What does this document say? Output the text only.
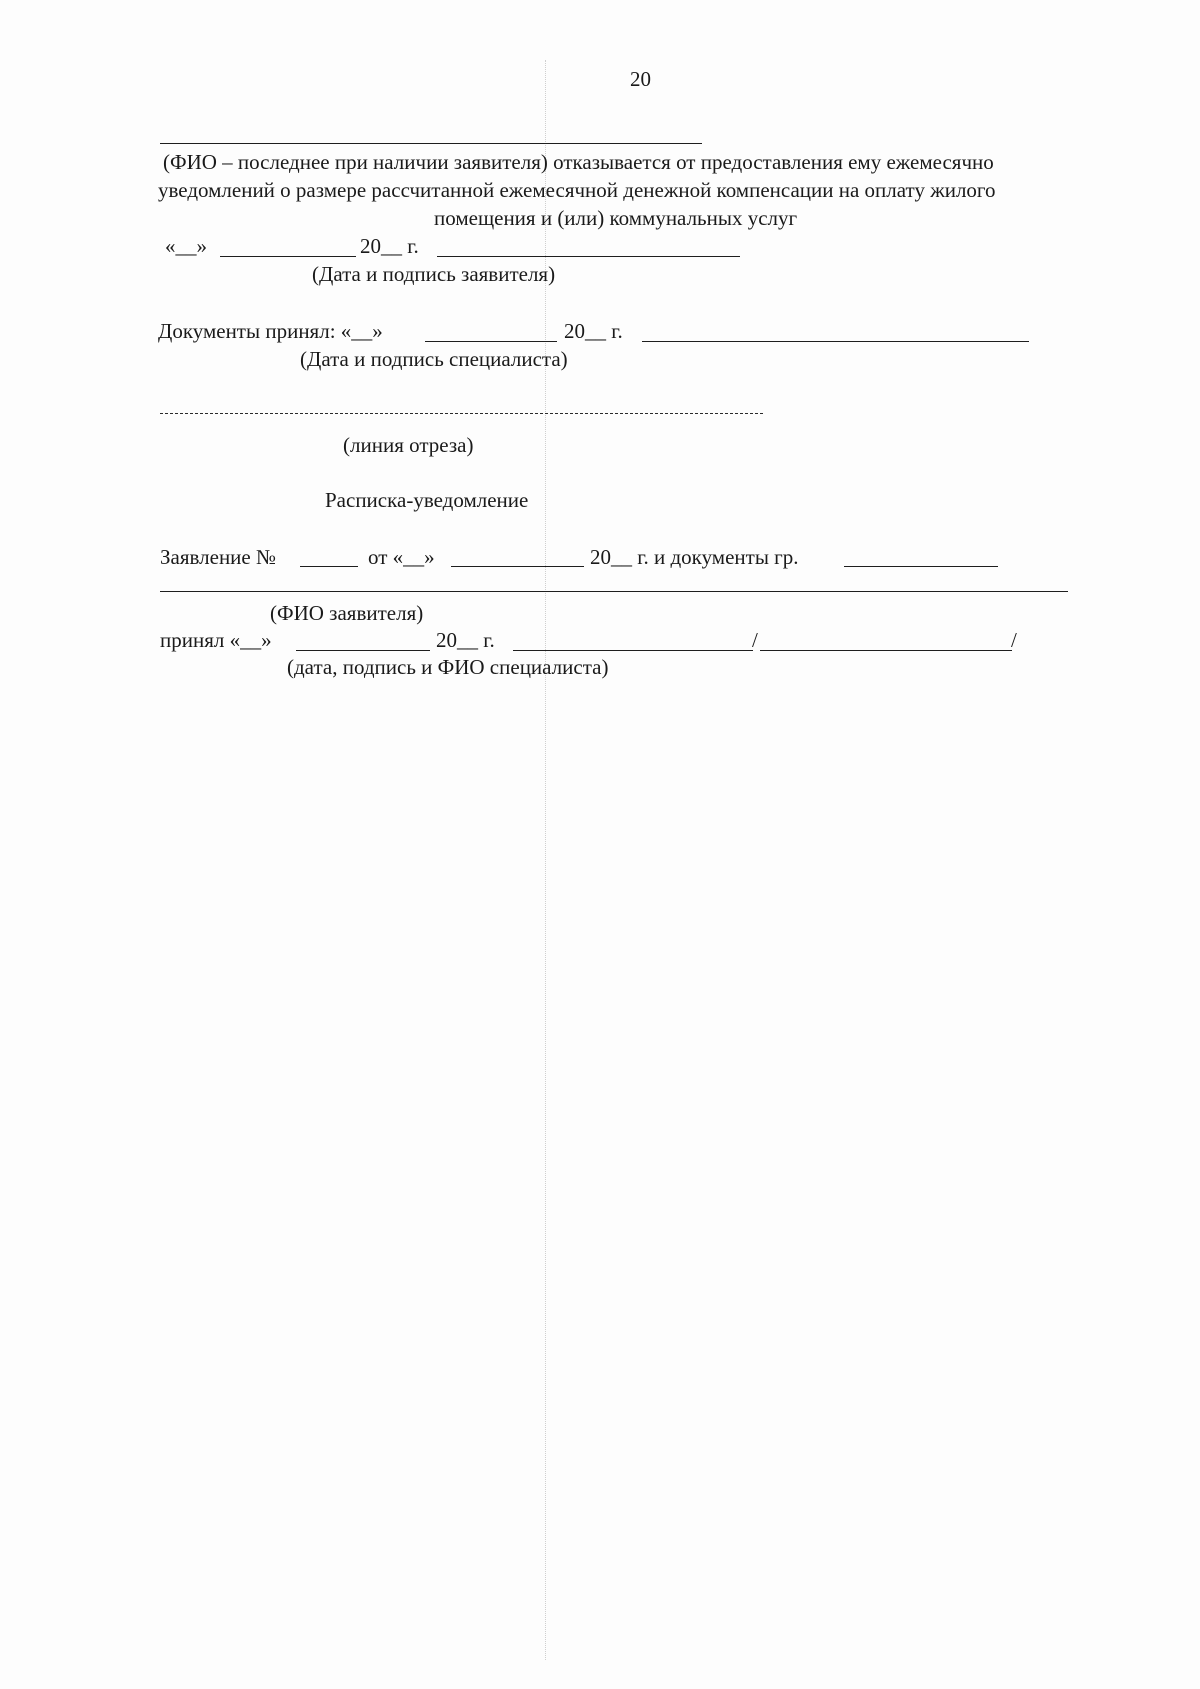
20
(ФИО – последнее при наличии заявителя) отказывается от предоставления ему ежемесячно
уведомлений о размере рассчитанной ежемесячной денежной компенсации на оплату жилого
помещения и (или) коммунальных услуг
«__»	20__ г.
(Дата и подпись заявителя)
Документы принял: «__»	20__ г.
(Дата и подпись специалиста)
(линия отреза)
Расписка-уведомление
Заявление №	от «__»	20__ г. и документы гр.
(ФИО заявителя)
принял «__»	20__ г.	/	/
(дата, подпись и ФИО специалиста)
